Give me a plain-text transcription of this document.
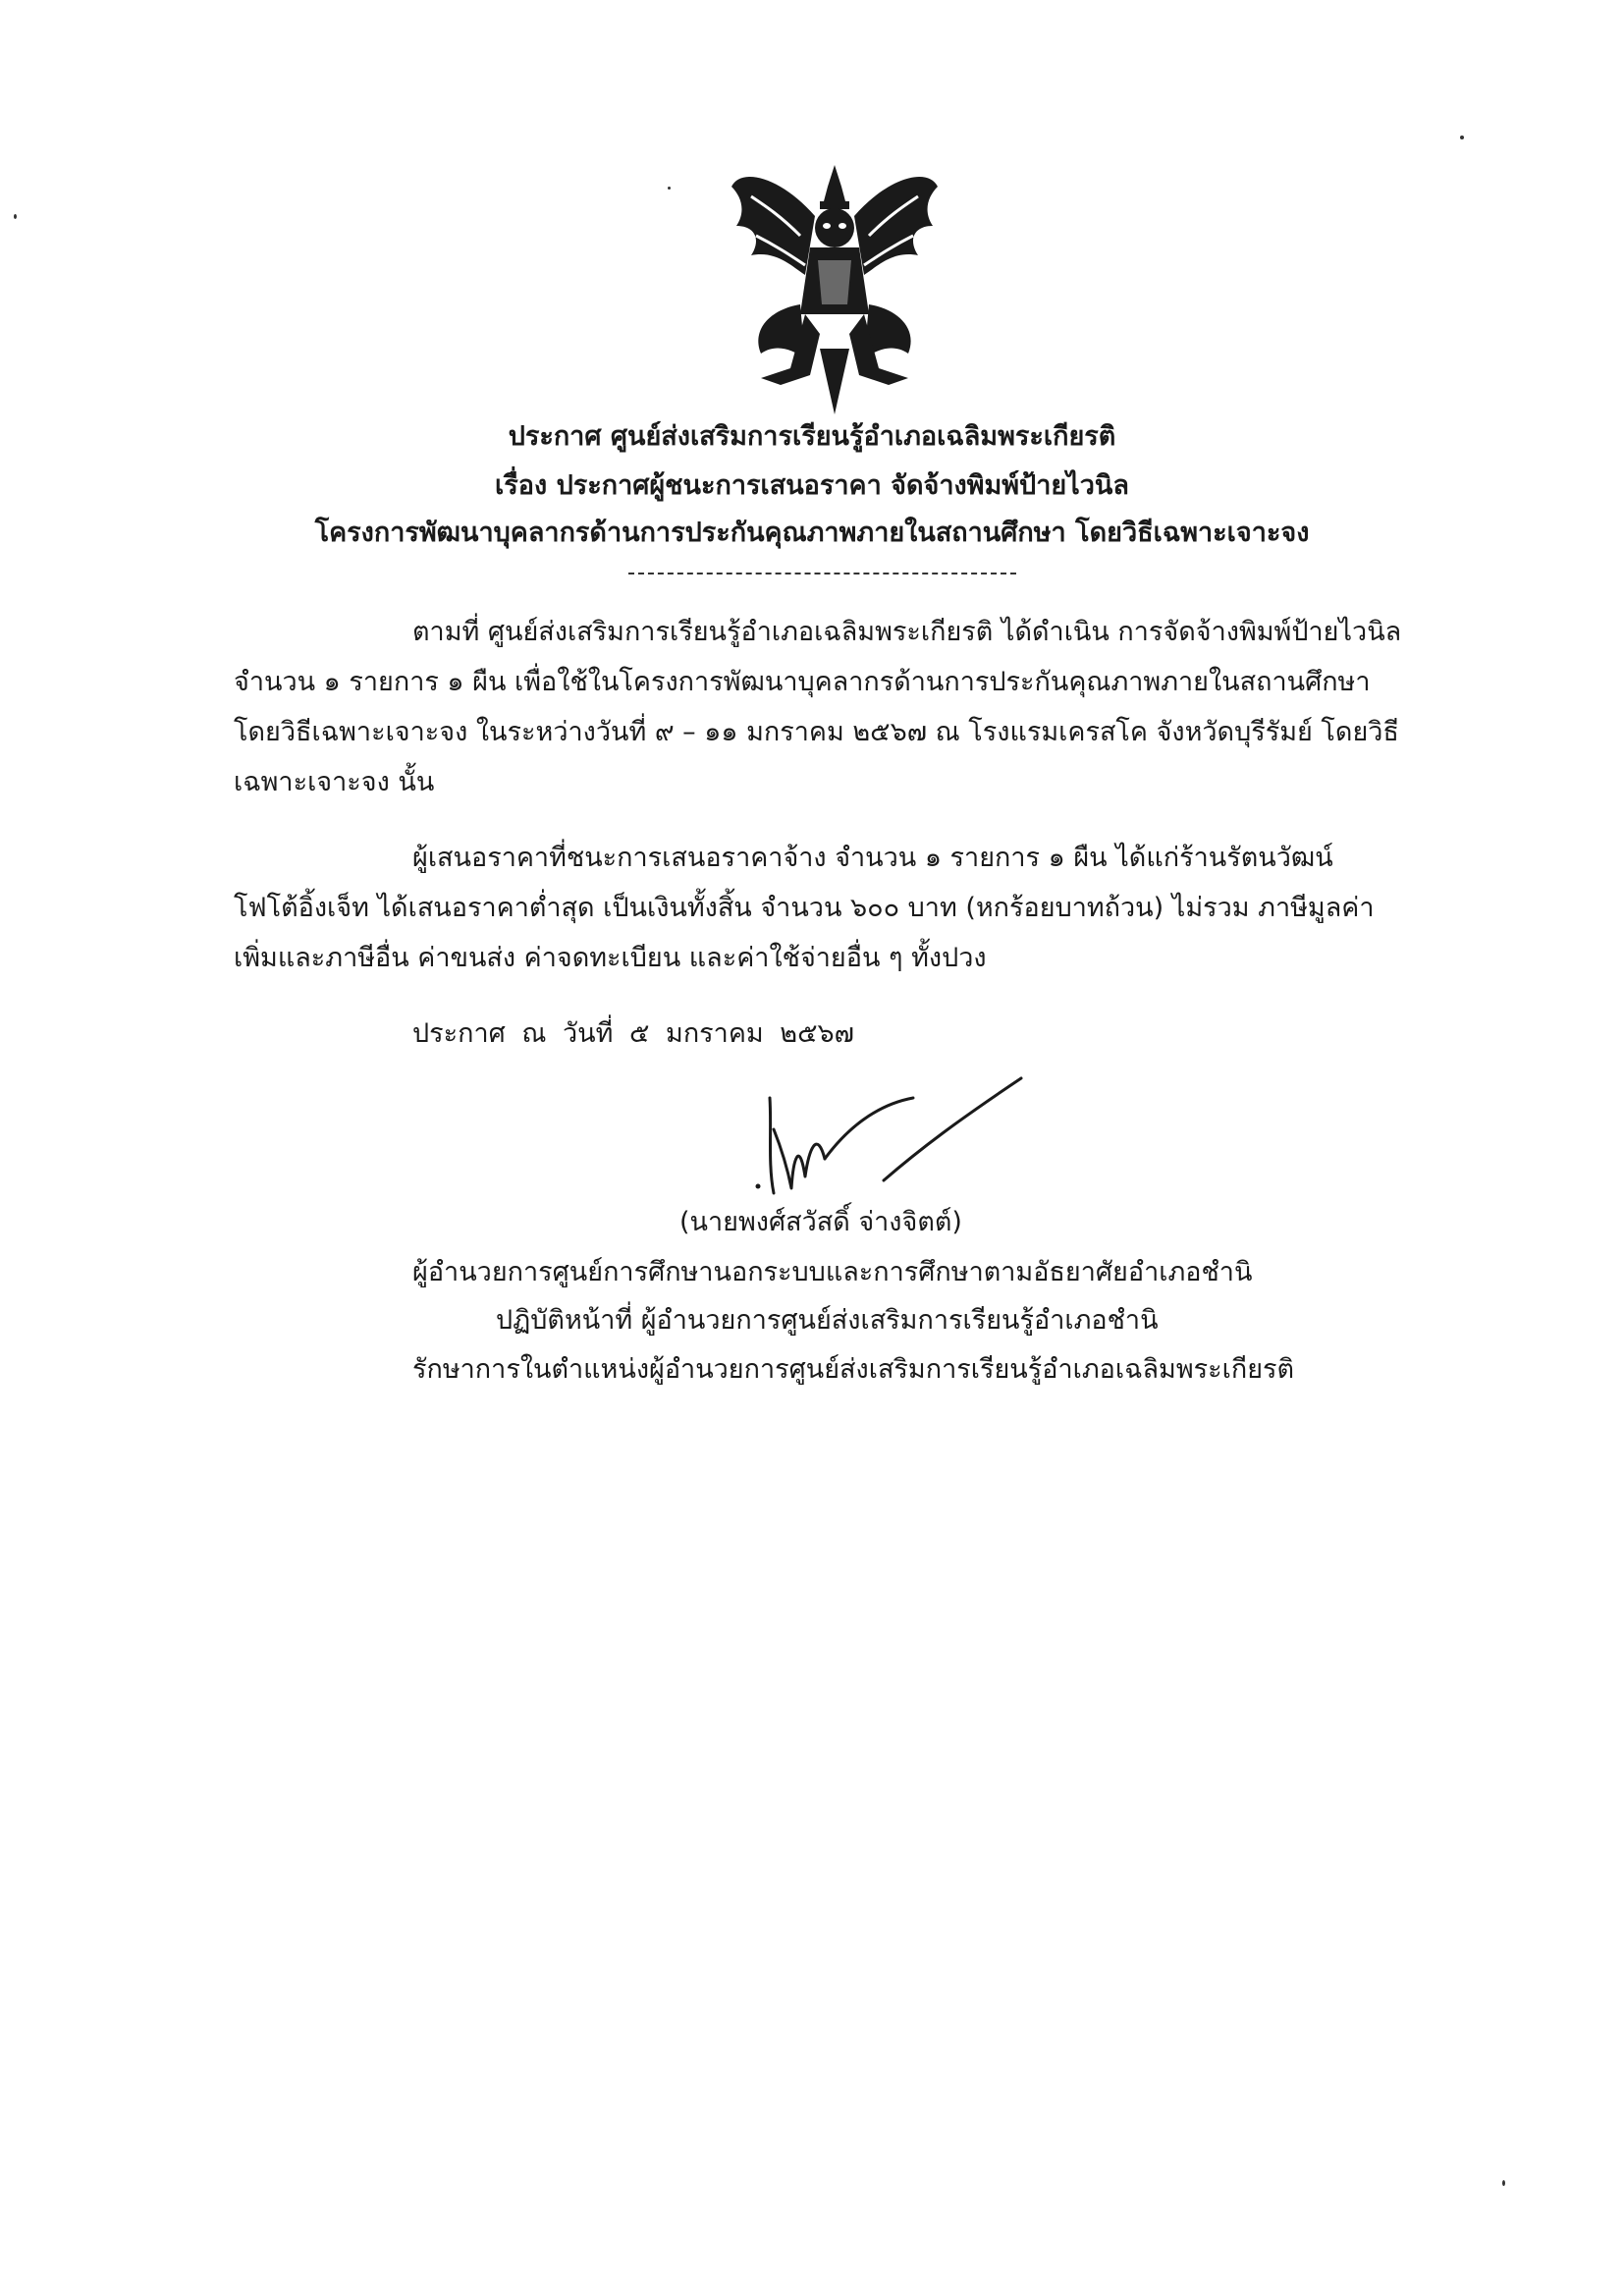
ประกาศ ศูนย์ส่งเสริมการเรียนรู้อำเภอเฉลิมพระเกียรติ
เรื่อง ประกาศผู้ชนะการเสนอราคา จัดจ้างพิมพ์ป้ายไวนิล
โครงการพัฒนาบุคลากรด้านการประกันคุณภาพภายในสถานศึกษา โดยวิธีเฉพาะเจาะจง
ตามที่ ศูนย์ส่งเสริมการเรียนรู้อำเภอเฉลิมพระเกียรติ ได้ดำเนิน การจัดจ้างพิมพ์ป้ายไวนิล จำนวน ๑ รายการ ๑ ผืน เพื่อใช้ในโครงการพัฒนาบุคลากรด้านการประกันคุณภาพภายในสถานศึกษา โดยวิธีเฉพาะเจาะจง ในระหว่างวันที่ ๙ – ๑๑ มกราคม ๒๕๖๗ ณ โรงแรมเครสโค จังหวัดบุรีรัมย์ โดยวิธีเฉพาะเจาะจง นั้น
ผู้เสนอราคาที่ชนะการเสนอราคาจ้าง จำนวน ๑ รายการ ๑ ผืน ได้แก่ร้านรัตนวัฒน์ โฟโต้อิ้งเจ็ท ได้เสนอราคาต่ำสุด เป็นเงินทั้งสิ้น จำนวน ๖๐๐ บาท (หกร้อยบาทถ้วน) ไม่รวม ภาษีมูลค่าเพิ่มและภาษีอื่น ค่าขนส่ง ค่าจดทะเบียน และค่าใช้จ่ายอื่น ๆ ทั้งปวง
ประกาศ ณ วันที่ ๕ มกราคม ๒๕๖๗
(นายพงศ์สวัสดิ์ จ่างจิตต์)
ผู้อำนวยการศูนย์การศึกษานอกระบบและการศึกษาตามอัธยาศัยอำเภอชำนิ
ปฏิบัติหน้าที่ ผู้อำนวยการศูนย์ส่งเสริมการเรียนรู้อำเภอชำนิ
รักษาการในตำแหน่งผู้อำนวยการศูนย์ส่งเสริมการเรียนรู้อำเภอเฉลิมพระเกียรติ
